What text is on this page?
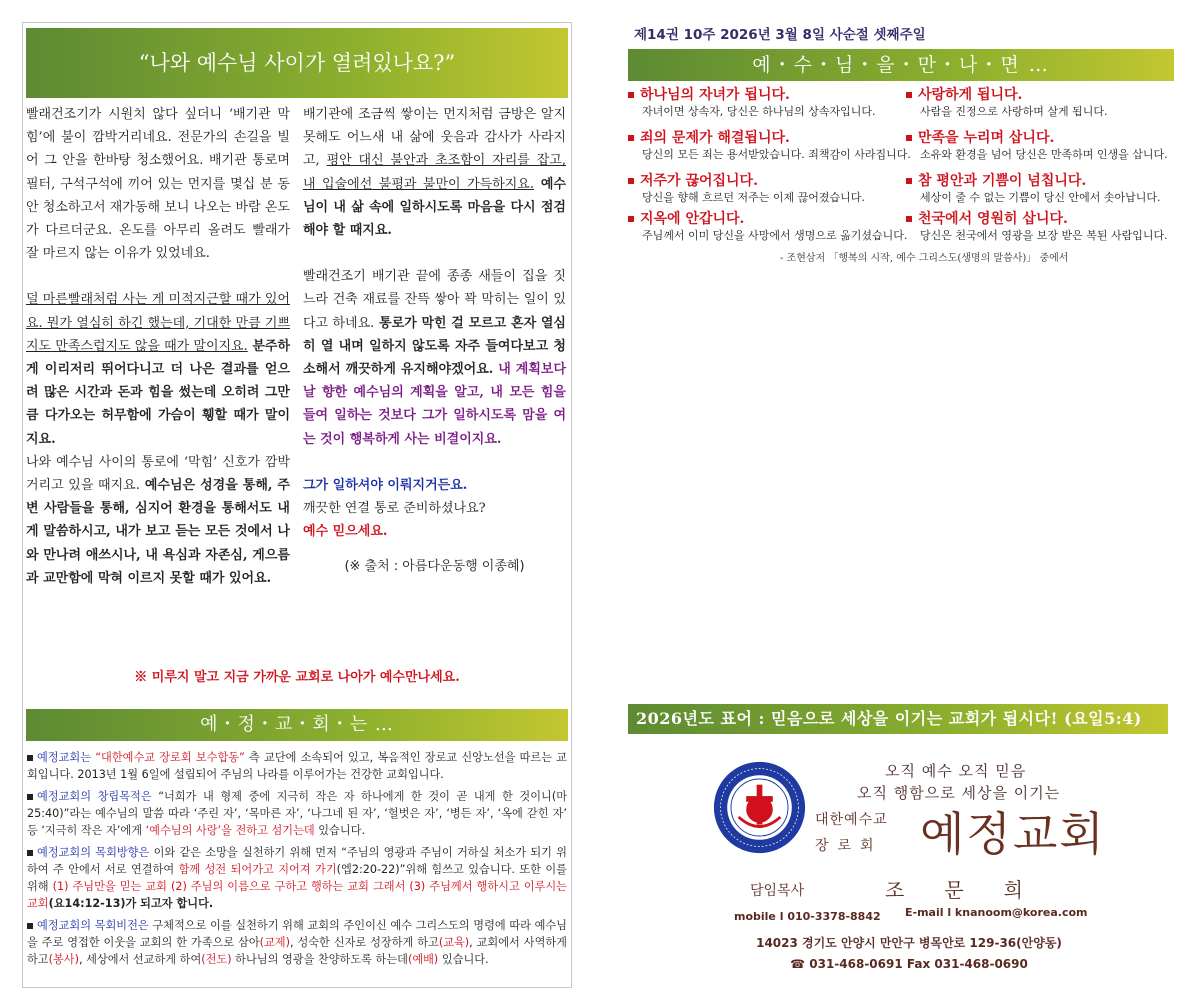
“나와 예수님 사이가 열려있나요?”

빨래건조기가 시원치 않다 싶더니 ‘배기관 막힘’에 불이 깜박거리네요. 전문가의 손길을 빌어 그 안을 한바탕 청소했어요. 배기관 통로며 필터, 구석구석에 끼어 있는 먼지를 몇십 분 동안 청소하고서 재가동해 보니 나오는 바람 온도가 다르더군요. 온도를 아무리 올려도 빨래가 잘 마르지 않는 이유가 있었네요.

덜 마른빨래처럼 사는 게 미적지근할 때가 있어요. 뭔가 열심히 하긴 했는데, 기대한 만큼 기쁘지도 만족스럽지도 않을 때가 말이지요. 분주하게 이리저리 뛰어다니고 더 나은 결과를 얻으려 많은 시간과 돈과 힘을 썼는데 오히려 그만큼 다가오는 허무함에 가슴이 휑할 때가 말이지요.

나와 예수님 사이의 통로에 ‘막힘’ 신호가 깜박거리고 있을 때지요. 예수님은 성경을 통해, 주변 사람들을 통해, 심지어 환경을 통해서도 내게 말씀하시고, 내가 보고 듣는 모든 것에서 나와 만나려 애쓰시나, 내 욕심과 자존심, 게으름과 교만함에 막혀 이르지 못할 때가 있어요.

배기관에 조금씩 쌓이는 먼지처럼 금방은 알지 못해도 어느새 내 삶에 웃음과 감사가 사라지고, 평안 대신 불안과 초조함이 자리를 잡고, 내 입술에선 불평과 불만이 가득하지요. 예수님이 내 삶 속에 일하시도록 마음을 다시 점검해야 할 때지요.

빨래건조기 배기관 끝에 종종 새들이 집을 짓느라 건축 재료를 잔뜩 쌓아 꽉 막히는 일이 있다고 하네요. 통로가 막힌 걸 모르고 혼자 열심히 열 내며 일하지 않도록 자주 들여다보고 청소해서 깨끗하게 유지해야겠어요. 내 계획보다 날 향한 예수님의 계획을 알고, 내 모든 힘을 들여 일하는 것보다 그가 일하시도록 맘을 여는 것이 행복하게 사는 비결이지요.

그가 일하셔야 이뤄지거든요.

깨끗한 연결 통로 준비하셨나요?

예수 믿으세요.

(※ 출처 : 아름다운동행 이종혜)

※ 미루지 말고 지금 가까운 교회로 나아가 예수만나세요.
예・정・교・회・는 …
예정교회는 “대한예수교 장로회 보수합동” 측 교단에 소속되어 있고, 복음적인 장로교 신앙노선을 따르는 교회입니다. 2013년 1월 6일에 설립되어 주님의 나라를 이루어가는 건강한 교회입니다.
예정교회의 창립목적은 “너희가 내 형제 중에 지극히 작은 자 하나에게 한 것이 곧 내게 한 것이니(마25:40)”라는 예수님의 말씀 따라 ‘주린 자’, ‘목마른 자’, ‘나그네 된 자’, ‘헐벗은 자’, ‘병든 자’, ‘옥에 갇힌 자’ 등 ‘지극히 작은 자’에게 ‘예수님의 사랑’을 전하고 섬기는데 있습니다.
예정교회의 목회방향은 이와 같은 소망을 실천하기 위해 먼저 “주님의 영광과 주님이 거하실 처소가 되기 위하여 주 안에서 서로 연결하여 함께 성전 되어가고 지어져 가기(엡2:20-22)”위해 힘쓰고 있습니다. 또한 이를 위해 (1) 주님만을 믿는 교회 (2) 주님의 이름으로 구하고 행하는 교회 그래서 (3) 주님께서 행하시고 이루시는 교회(요14:12-13)가 되고자 합니다.
예정교회의 목회비전은 구체적으로 이를 실천하기 위해 교회의 주인이신 예수 그리스도의 명령에 따라 예수님을 주로 영접한 이웃을 교회의 한 가족으로 삼아(교제), 성숙한 신자로 성장하게 하고(교육), 교회에서 사역하게 하고(봉사), 세상에서 선교하게 하여(전도) 하나님의 영광을 찬양하도록 하는데(예배) 있습니다.
제14권 10주 2026년 3월 8일 사순절 셋째주일
예・수・님・을・만・나・면 …
하나님의 자녀가 됩니다.
자녀이면 상속자, 당신은 하나님의 상속자입니다.
사랑하게 됩니다.
사람을 진정으로 사랑하며 살게 됩니다.
죄의 문제가 해결됩니다.
당신의 모든 죄는 용서받았습니다. 죄책감이 사라집니다.
만족을 누리며 삽니다.
소유와 환경을 넘어 당신은 만족하며 인생을 삽니다.
저주가 끊어집니다.
당신을 향해 흐르던 저주는 이제 끊어졌습니다.
참 평안과 기쁨이 넘칩니다.
세상이 줄 수 없는 기쁨이 당신 안에서 솟아납니다.
지옥에 안갑니다.
주님께서 이미 당신을 사망에서 생명으로 옮기셨습니다.
천국에서 영원히 삽니다.
당신은 천국에서 영광을 보장 받은 복된 사람입니다.
- 조현삼저 「행복의 시작, 예수 그리스도(생명의 말씀사)」 중에서
2026년도 표어 : 믿음으로 세상을 이기는 교회가 됩시다! (요일5:4)
오직 예수 오직 믿음
오직 행함으로 세상을 이기는
대한예수교
장로회 예정교회
담임목사	조문희
mobile l 010-3378-8842 E-mail l knanoom@korea.com
14023 경기도 안양시 만안구 병목안로 129-36(안양동)
☎ 031-468-0691 Fax 031-468-0690
